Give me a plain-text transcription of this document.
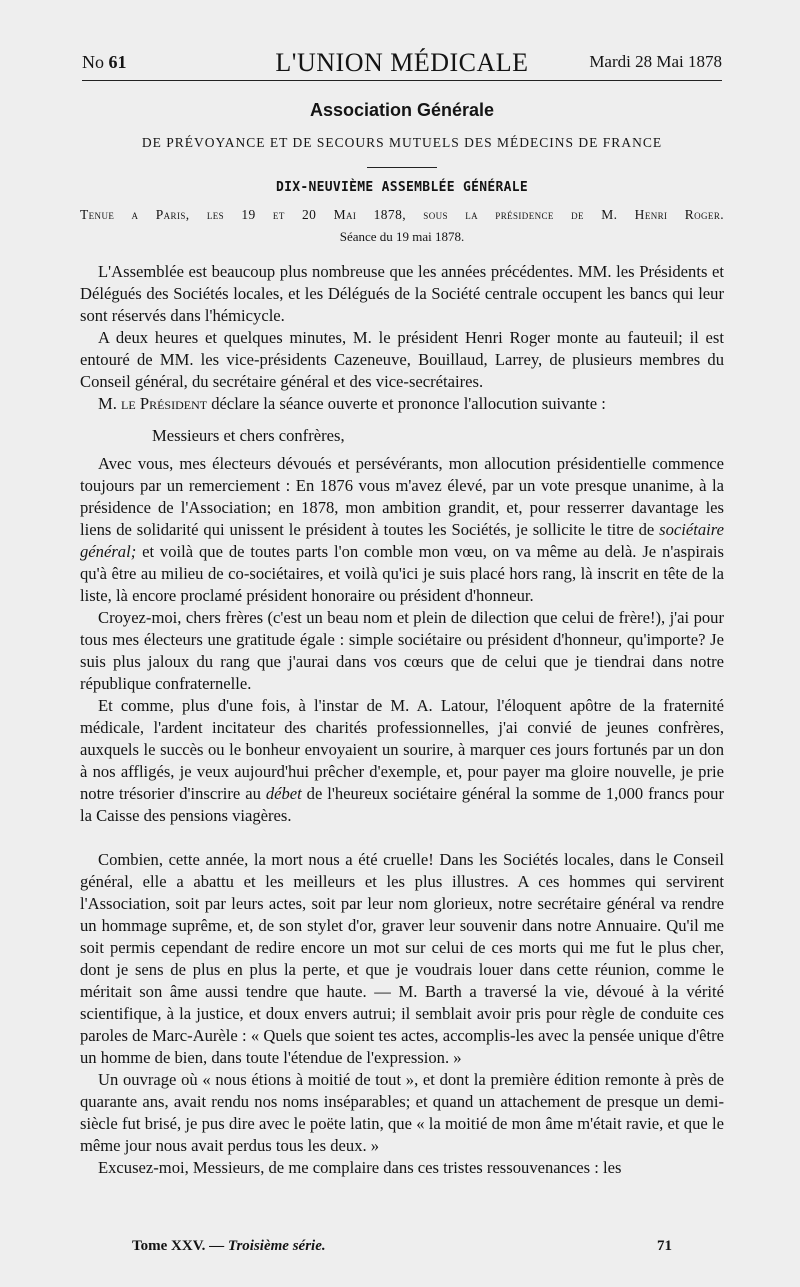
No 61	L'UNION MÉDICALE	Mardi 28 Mai 1878
Association Générale
DE PRÉVOYANCE ET DE SECOURS MUTUELS DES MÉDECINS DE FRANCE
DIX-NEUVIÈME ASSEMBLÉE GÉNÉRALE
Tenue a Paris, les 19 et 20 Mai 1878, sous la présidence de M. Henri Roger.
Séance du 19 mai 1878.

L'Assemblée est beaucoup plus nombreuse que les années précédentes. MM. les Présidents et Délégués des Sociétés locales, et les Délégués de la Société centrale occupent les bancs qui leur sont réservés dans l'hémicycle.

A deux heures et quelques minutes, M. le président Henri Roger monte au fauteuil; il est entouré de MM. les vice-présidents Cazeneuve, Bouillaud, Larrey, de plusieurs membres du Conseil général, du secrétaire général et des vice-secrétaires.

M. le Président déclare la séance ouverte et prononce l'allocution suivante :

Messieurs et chers confrères,

Avec vous, mes électeurs dévoués et persévérants, mon allocution présidentielle commence toujours par un remerciement : En 1876 vous m'avez élevé, par un vote presque unanime, à la présidence de l'Association; en 1878, mon ambition grandit, et, pour resserrer davantage les liens de solidarité qui unissent le président à toutes les Sociétés, je sollicite le titre de sociétaire général; et voilà que de toutes parts l'on comble mon vœu, on va même au delà. Je n'aspirais qu'à être au milieu de co-sociétaires, et voilà qu'ici je suis placé hors rang, là inscrit en tête de la liste, là encore proclamé président honoraire ou président d'honneur.

Croyez-moi, chers frères (c'est un beau nom et plein de dilection que celui de frère!), j'ai pour tous mes électeurs une gratitude égale : simple sociétaire ou président d'honneur, qu'importe? Je suis plus jaloux du rang que j'aurai dans vos cœurs que de celui que je tiendrai dans notre république confraternelle.

Et comme, plus d'une fois, à l'instar de M. A. Latour, l'éloquent apôtre de la fraternité médicale, l'ardent incitateur des charités professionnelles, j'ai convié de jeunes confrères, auxquels le succès ou le bonheur envoyaient un sourire, à marquer ces jours fortunés par un don à nos affligés, je veux aujourd'hui prêcher d'exemple, et, pour payer ma gloire nouvelle, je prie notre trésorier d'inscrire au débet de l'heureux sociétaire général la somme de 1,000 francs pour la Caisse des pensions viagères.

Combien, cette année, la mort nous a été cruelle! Dans les Sociétés locales, dans le Conseil général, elle a abattu et les meilleurs et les plus illustres. A ces hommes qui servirent l'Association, soit par leurs actes, soit par leur nom glorieux, notre secrétaire général va rendre un hommage suprême, et, de son stylet d'or, graver leur souvenir dans notre Annuaire. Qu'il me soit permis cependant de redire encore un mot sur celui de ces morts qui me fut le plus cher, dont je sens de plus en plus la perte, et que je voudrais louer dans cette réunion, comme le méritait son âme aussi tendre que haute. — M. Barth a traversé la vie, dévoué à la vérité scientifique, à la justice, et doux envers autrui; il semblait avoir pris pour règle de conduite ces paroles de Marc-Aurèle : « Quels que soient tes actes, accomplis-les avec la pensée unique d'être un homme de bien, dans toute l'étendue de l'expression. »

Un ouvrage où « nous étions à moitié de tout », et dont la première édition remonte à près de quarante ans, avait rendu nos noms inséparables; et quand un attachement de presque un demi-siècle fut brisé, je pus dire avec le poëte latin, que « la moitié de mon âme m'était ravie, et que le même jour nous avait perdus tous les deux. »

Excusez-moi, Messieurs, de me complaire dans ces tristes ressouvenances : les

Tome XXV. — Troisième série.	71
